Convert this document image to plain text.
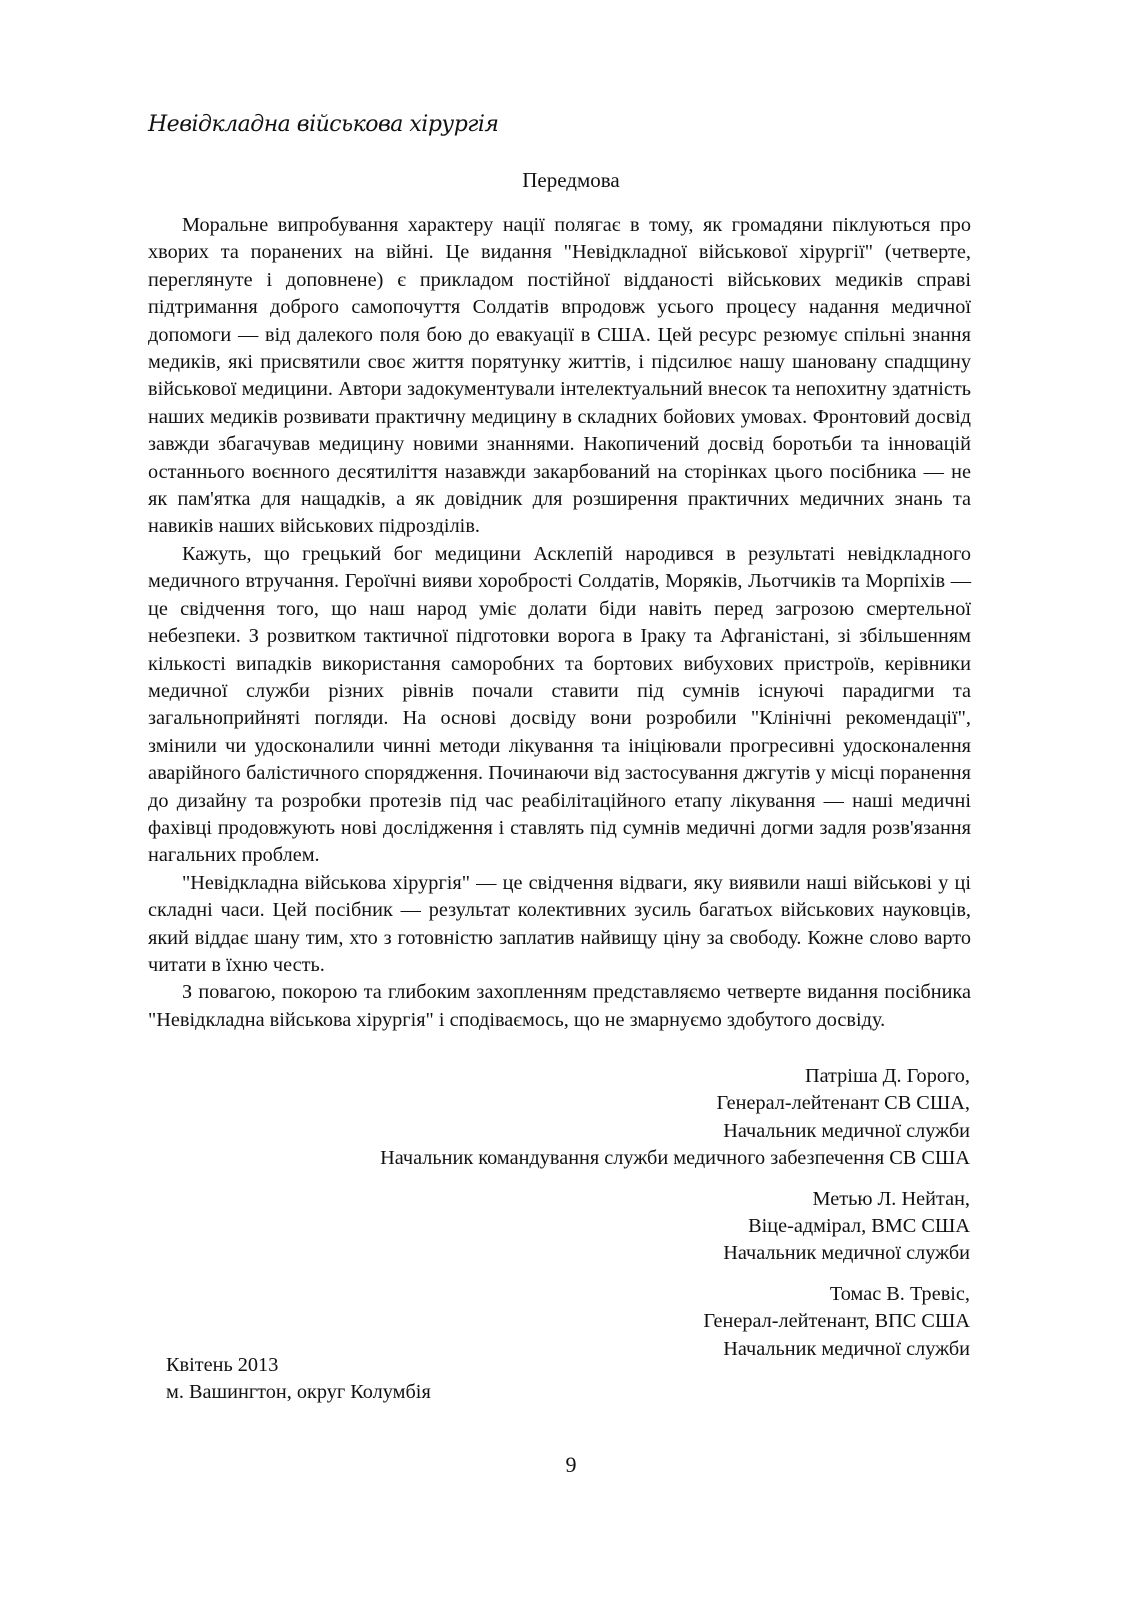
Невідкладна військова хірургія
Передмова

Моральне випробування характеру нації полягає в тому, як громадяни піклуються про хворих та поранених на війні. Це видання "Невідкладної військової хірургії" (четверте, переглянуте і доповнене) є прикладом постійної відданості військових медиків справі підтримання доброго самопочуття Солдатів впродовж усього процесу надання медичної допомоги — від далекого поля бою до евакуації в США. Цей ресурс резюмує спільні знання медиків, які присвятили своє життя порятунку життів, і підсилює нашу шановану спадщину військової медицини. Автори задокументували інтелектуальний внесок та непохитну здатність наших медиків розвивати практичну медицину в складних бойових умовах. Фронтовий досвід завжди збагачував медицину новими знаннями. Накопичений досвід боротьби та інновацій останнього воєнного десятиліття назавжди закарбований на сторінках цього посібника — не як пам'ятка для нащадків, а як довідник для розширення практичних медичних знань та навиків наших військових підрозділів.

Кажуть, що грецький бог медицини Асклепій народився в результаті невідкладного медичного втручання. Героїчні вияви хоробрості Солдатів, Моряків, Льотчиків та Морпіхів — це свідчення того, що наш народ уміє долати біди навіть перед загрозою смертельної небезпеки. З розвитком тактичної підготовки ворога в Іраку та Афганістані, зі збільшенням кількості випадків використання саморобних та бортових вибухових пристроїв, керівники медичної служби різних рівнів почали ставити під сумнів існуючі парадигми та загальноприйняті погляди. На основі досвіду вони розробили "Клінічні рекомендації", змінили чи удосконалили чинні методи лікування та ініціювали прогресивні удосконалення аварійного балістичного спорядження. Починаючи від застосування джгутів у місці поранення до дизайну та розробки протезів під час реабілітаційного етапу лікування — наші медичні фахівці продовжують нові дослідження і ставлять під сумнів медичні догми задля розв'язання нагальних проблем.

"Невідкладна військова хірургія" — це свідчення відваги, яку виявили наші військові у ці складні часи. Цей посібник — результат колективних зусиль багатьох військових науковців, який віддає шану тим, хто з готовністю заплатив найвищу ціну за свободу. Кожне слово варто читати в їхню честь.

З повагою, покорою та глибоким захопленням представляємо четверте видання посібника "Невідкладна військова хірургія" і сподіваємось, що не змарнуємо здобутого досвіду.

Патріша Д. Горого,
Генерал-лейтенант СВ США,
Начальник медичної служби
Начальник командування служби медичного забезпечення СВ США
Метью Л. Нейтан,
Віце-адмірал, ВМС США
Начальник медичної служби
Томас В. Тревіс,
Генерал-лейтенант, ВПС США
Начальник медичної служби
Квітень 2013
м. Вашингтон, округ Колумбія
9
